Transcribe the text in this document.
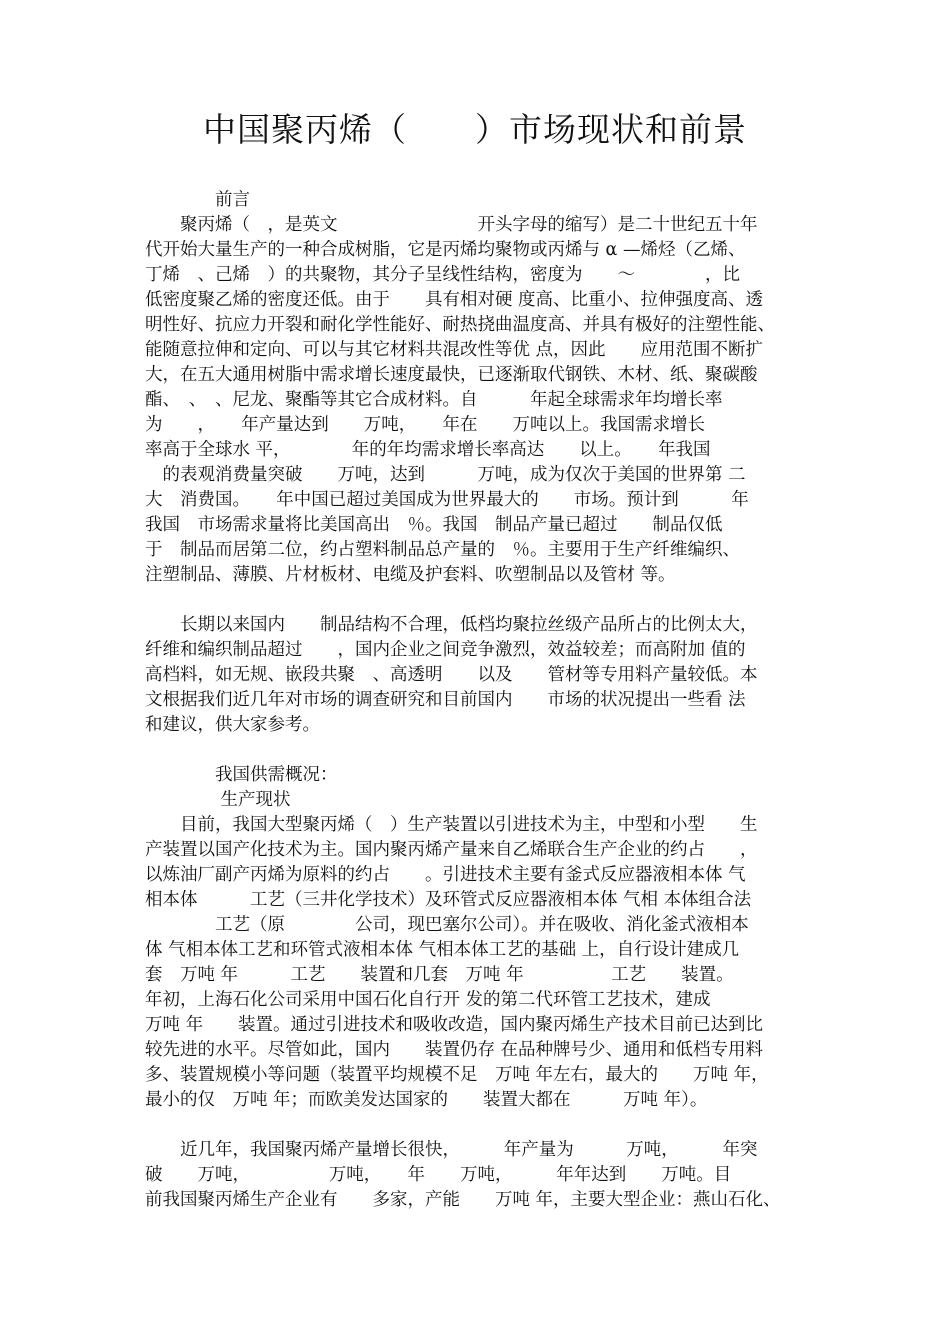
中国聚丙烯（　　）市场现状和前景
　　　　前言
　　聚丙烯（　，是英文　　　　　　　　开头字母的缩写）是二十世纪五十年
代开始大量生产的一种合成树脂，它是丙烯均聚物或丙烯与 α —烯烃（乙烯、
丁烯　、己烯　）的共聚物，其分子呈线性结构，密度为　　～　　　　，比
低密度聚乙烯的密度还低。由于　　具有相对硬 度高、比重小、拉伸强度高、透
明性好、抗应力开裂和耐化学性能好、耐热挠曲温度高、并具有极好的注塑性能、
能随意拉伸和定向、可以与其它材料共混改性等优 点，因此　　应用范围不断扩
大，在五大通用树脂中需求增长速度最快，已逐渐取代钢铁、木材、纸、聚碳酸
酯、　、　、尼龙、聚酯等其它合成材料。自　　　年起全球需求年均增长率
为　　，　　年产量达到　　万吨，　　年在　　万吨以上。我国需求增长
率高于全球水 平，　　　　年的年均需求增长率高达　　以上。　　年我国
　的表观消费量突破　　万吨，达到　　　万吨，成为仅次于美国的世界第 二
大　消费国。　　年中国已超过美国成为世界最大的　　市场。预计到　　　年
我国　市场需求量将比美国高出　％。我国　制品产量已超过　　制品仅低
于　制品而居第二位，约占塑料制品总产量的　％。主要用于生产纤维编织、
注塑制品、薄膜、片材板材、电缆及护套料、吹塑制品以及管材 等。
　　长期以来国内　　制品结构不合理，低档均聚拉丝级产品所占的比例太大，
纤维和编织制品超过　　，国内企业之间竞争激烈，效益较差；而高附加 值的
高档料，如无规、嵌段共聚　、高透明　　以及　　管材等专用料产量较低。本
文根据我们近几年对市场的调查研究和目前国内　　市场的状况提出一些看 法
和建议，供大家参考。
　　　　我国供需概况：
　　　　 生产现状
　　目前，我国大型聚丙烯（　）生产装置以引进技术为主，中型和小型　　生
产装置以国产化技术为主。国内聚丙烯产量来自乙烯联合生产企业的约占　　，
以炼油厂副产丙烯为原料的约占　　。引进技术主要有釜式反应器液相本体 气
相本体　　　工艺（三井化学技术）及环管式反应器液相本体 气相 本体组合法
　　　　工艺（原　　　　公司，现巴塞尔公司）。并在吸收、消化釜式液相本
体 气相本体工艺和环管式液相本体 气相本体工艺的基础 上，自行设计建成几
套　万吨 年　　　工艺　　装置和几套　万吨 年　　　　　工艺　　装置。
年初，上海石化公司采用中国石化自行开 发的第二代环管工艺技术，建成
万吨 年　　装置。通过引进技术和吸收改造，国内聚丙烯生产技术目前已达到比
较先进的水平。尽管如此，国内　　装置仍存 在品种牌号少、通用和低档专用料
多、装置规模小等问题（装置平均规模不足　万吨 年左右，最大的　　万吨 年，
最小的仅　万吨 年；而欧美发达国家的　　装置大都在　　　万吨 年）。
　　近几年，我国聚丙烯产量增长很快，　　　年产量为　　　万吨，　　　年突
破　　万吨，　　　　　万吨，　　年　　万吨，　　　年年达到　　万吨。目
前我国聚丙烯生产企业有　　多家，产能　　万吨 年，主要大型企业：燕山石化、
